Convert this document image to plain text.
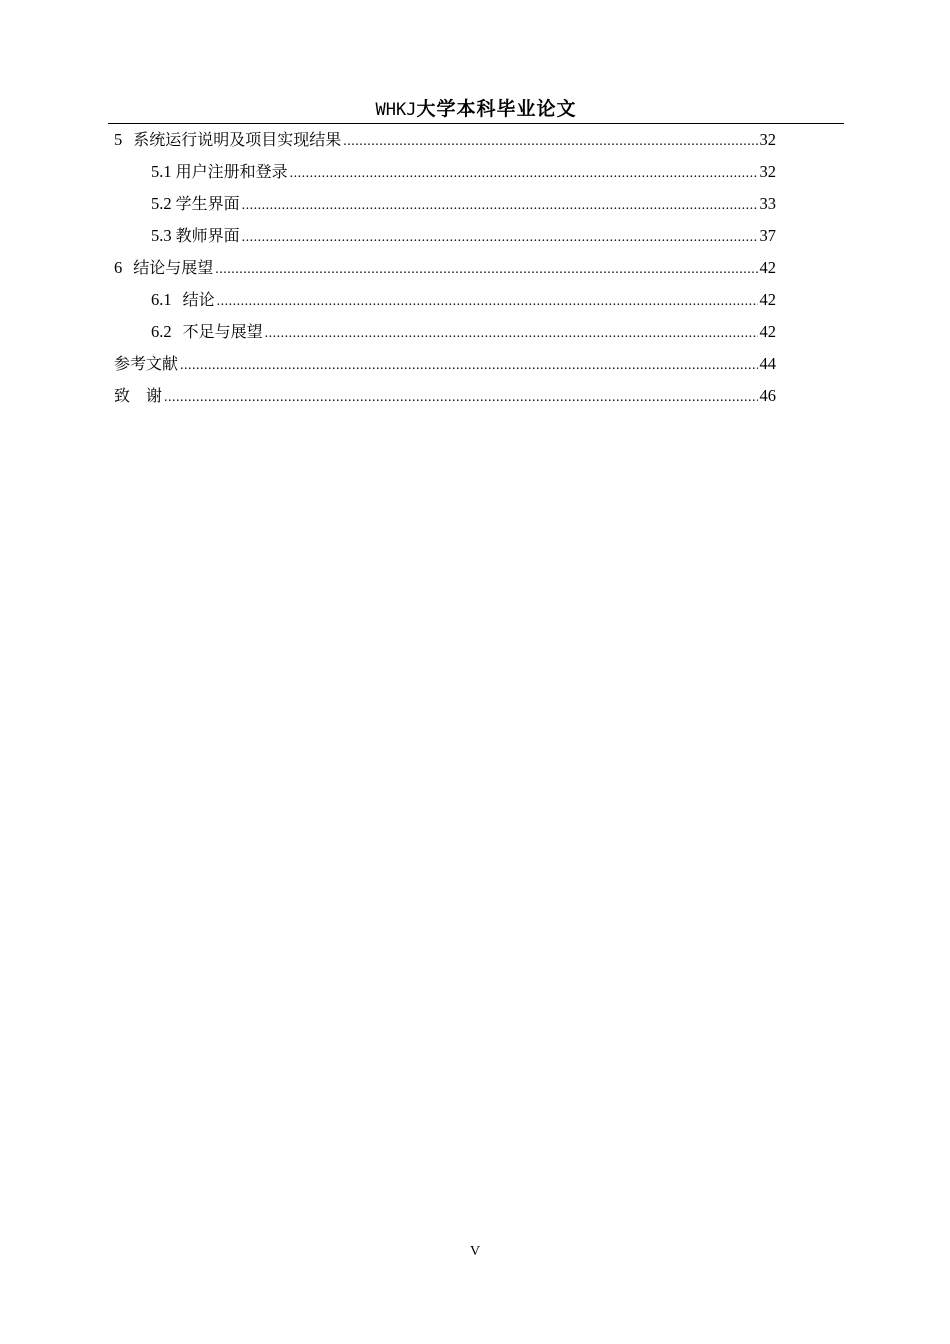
WHKJ大学本科毕业论文
5 系统运行说明及项目实现结果 .....	32
5.1 用户注册和登录 .....	32
5.2 学生界面 .....	33
5.3 教师界面 .....	37
6 结论与展望 .....	42
6.1 结论 .....	42
6.2 不足与展望 .....	42
参考文献 .....	44
致　谢 .....	46
V
